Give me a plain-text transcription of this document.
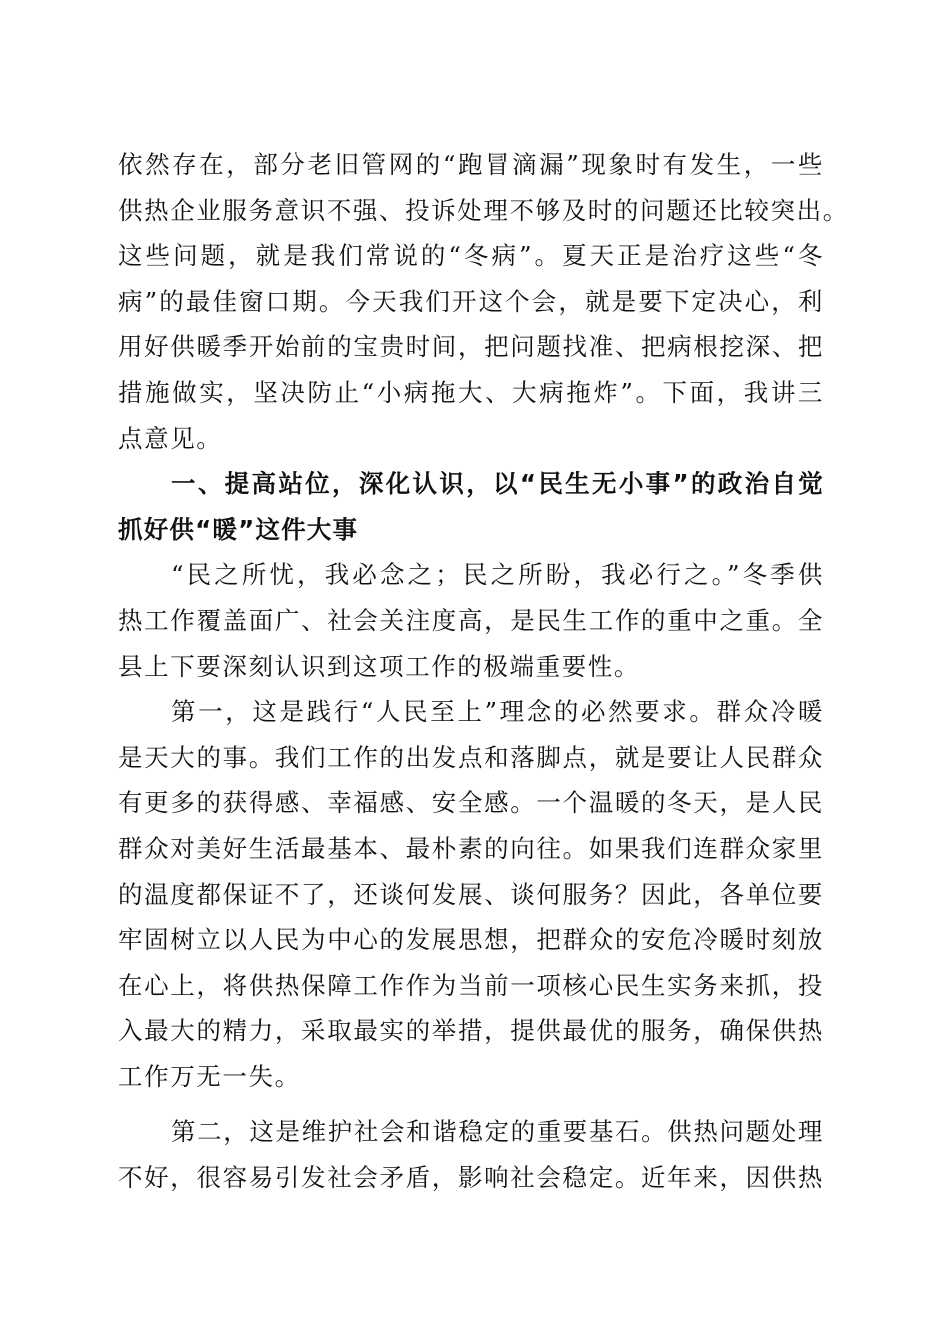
依然存在，部分老旧管网的“跑冒滴漏”现象时有发生，一些
供热企业服务意识不强、投诉处理不够及时的问题还比较突出。
这些问题，就是我们常说的“冬病”。夏天正是治疗这些“冬
病”的最佳窗口期。今天我们开这个会，就是要下定决心，利
用好供暖季开始前的宝贵时间，把问题找准、把病根挖深、把
措施做实，坚决防止“小病拖大、大病拖炸”。下面，我讲三
点意见。
一、提高站位，深化认识，以“民生无小事”的政治自觉
抓好供“暖”这件大事
“民之所忧，我必念之；民之所盼，我必行之。”冬季供
热工作覆盖面广、社会关注度高，是民生工作的重中之重。全
县上下要深刻认识到这项工作的极端重要性。
第一，这是践行“人民至上”理念的必然要求。群众冷暖
是天大的事。我们工作的出发点和落脚点，就是要让人民群众
有更多的获得感、幸福感、安全感。一个温暖的冬天，是人民
群众对美好生活最基本、最朴素的向往。如果我们连群众家里
的温度都保证不了，还谈何发展、谈何服务？因此，各单位要
牢固树立以人民为中心的发展思想，把群众的安危冷暖时刻放
在心上，将供热保障工作作为当前一项核心民生实务来抓，投
入最大的精力，采取最实的举措，提供最优的服务，确保供热
工作万无一失。
第二，这是维护社会和谐稳定的重要基石。供热问题处理
不好，很容易引发社会矛盾，影响社会稳定。近年来，因供热
